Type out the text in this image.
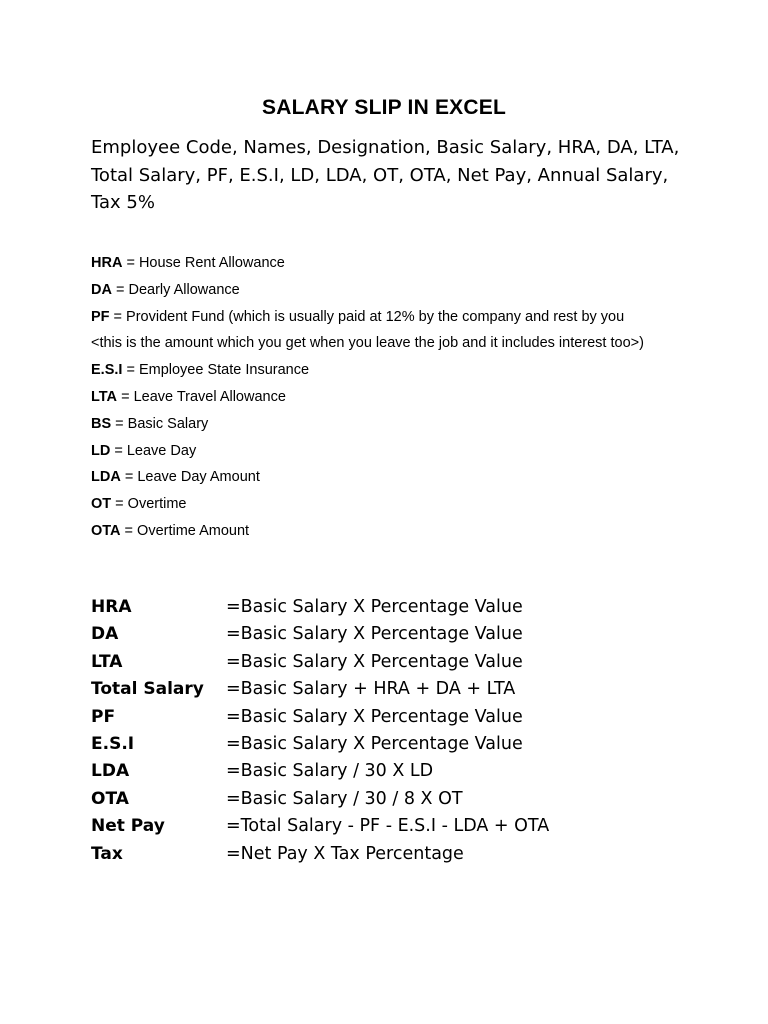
SALARY SLIP IN EXCEL
Employee Code, Names, Designation, Basic Salary, HRA, DA, LTA,
Total Salary, PF, E.S.I, LD, LDA, OT, OTA, Net Pay, Annual Salary,
Tax 5%
HRA = House Rent Allowance
DA = Dearly Allowance
PF = Provident Fund (which is usually paid at 12% by the company and rest by you
<this is the amount which you get when you leave the job and it includes interest too>)
E.S.I = Employee State Insurance
LTA = Leave Travel Allowance
BS = Basic Salary
LD = Leave Day
LDA = Leave Day Amount
OT = Overtime
OTA = Overtime Amount
HRA	=Basic Salary X Percentage Value
DA	=Basic Salary X Percentage Value
LTA	=Basic Salary X Percentage Value
Total Salary =Basic Salary + HRA + DA + LTA
PF	=Basic Salary X Percentage Value
E.S.I	=Basic Salary X Percentage Value
LDA	=Basic Salary / 30 X LD
OTA	=Basic Salary / 30 / 8 X OT
Net Pay	=Total Salary - PF - E.S.I - LDA + OTA
Tax	=Net Pay X Tax Percentage
